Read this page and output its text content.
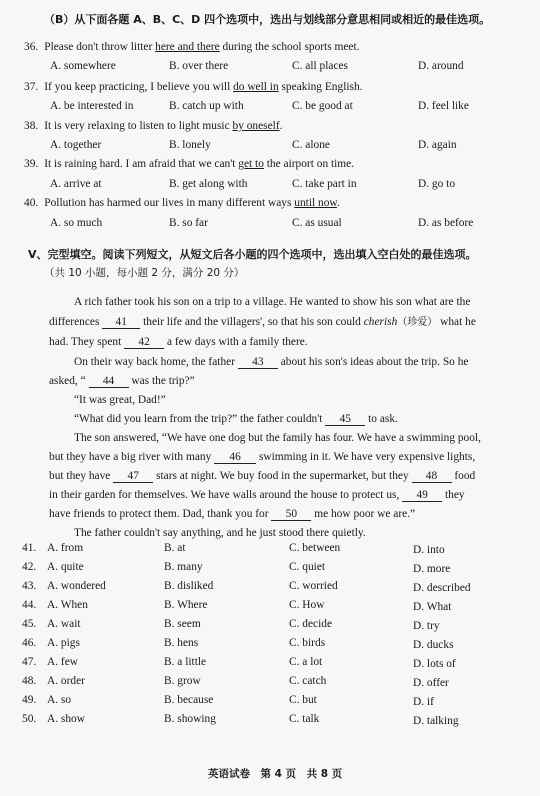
（B）从下面各题 A、B、C、D 四个选项中，选出与划线部分意思相同或相近的最佳选项。
36. Please don't throw litter here and there during the school sports meet.
A. somewhere	B. over there	C. all places	D. around
37. If you keep practicing, I believe you will do well in speaking English.
A. be interested in	B. catch up with	C. be good at	D. feel like
38. It is very relaxing to listen to light music by oneself.
A. together	B. lonely	C. alone	D. again
39. It is raining hard. I am afraid that we can't get to the airport on time.
A. arrive at	B. get along with	C. take part in	D. go to
40. Pollution has harmed our lives in many different ways until now.
A. so much	B. so far	C. as usual	D. as before
V、完型填空。阅读下列短文，从短文后各小题的四个选项中，选出填入空白处的最佳选项。
（共 10 小题，每小题 2 分，满分 20 分）
A rich father took his son on a trip to a village. He wanted to show his son what are the
differences 41 their life and the villagers', so that his son could cherish（珍爱） what he
had. They spent 42 a few days with a family there.
On their way back home, the father 43 about his son's ideas about the trip. So he
asked, “ 44 was the trip?”
“It was great, Dad!”
“What did you learn from the trip?” the father couldn't 45 to ask.
The son answered, “We have one dog but the family has four. We have a swimming pool,
but they have a big river with many 46 swimming in it. We have very expensive lights,
but they have 47 stars at night. We buy food in the supermarket, but they 48 food
in their garden for themselves. We have walls around the house to protect us, 49 they
have friends to protect them. Dad, thank you for 50 me how poor we are.”
The father couldn't say anything, and he just stood there quietly.
41. A. from	B. at	C. between	D. into
42. A. quite	B. many	C. quiet	D. more
43. A. wondered	B. disliked	C. worried	D. described
44. A. When	B. Where	C. How	D. What
45. A. wait	B. seem	C. decide	D. try
46. A. pigs	B. hens	C. birds	D. ducks
47. A. few	B. a little	C. a lot	D. lots of
48. A. order	B. grow	C. catch	D. offer
49. A. so	B. because	C. but	D. if
50. A. show	B. showing	C. talk	D. talking
英语试卷　第 4 页　共 8 页
